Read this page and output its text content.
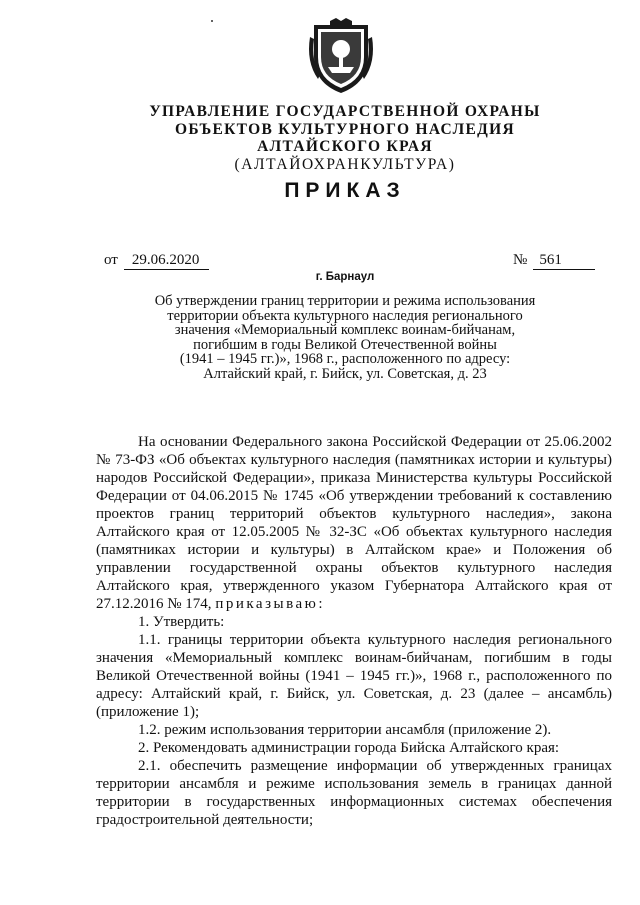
УПРАВЛЕНИЕ ГОСУДАРСТВЕННОЙ ОХРАНЫ
ОБЪЕКТОВ КУЛЬТУРНОГО НАСЛЕДИЯ
АЛТАЙСКОГО КРАЯ
(АЛТАЙОХРАНКУЛЬТУРА)
ПРИКАЗ
от 29.06.2020	№ 561
г. Барнаул
Об утверждении границ территории и режима использования
территории объекта культурного наследия регионального
значения «Мемориальный комплекс воинам-бийчанам,
погибшим в годы Великой Отечественной войны
(1941 – 1945 гг.)», 1968 г., расположенного по адресу:
Алтайский край, г. Бийск, ул. Советская, д. 23

На основании Федерального закона Российской Федерации от 25.06.2002 № 73-ФЗ «Об объектах культурного наследия (памятниках истории и культуры) народов Российской Федерации», приказа Министерства культуры Российской Федерации от 04.06.2015 № 1745 «Об утверждении требований к составлению проектов границ территорий объектов культурного наследия», закона Алтайского края от 12.05.2005 № 32-ЗС «Об объектах культурного наследия (памятниках истории и культуры) в Алтайском крае» и Положения об управлении государственной охраны объектов культурного наследия Алтайского края, утвержденного указом Губернатора Алтайского края от 27.12.2016 № 174, приказываю:

1. Утвердить:

1.1. границы территории объекта культурного наследия регионального значения «Мемориальный комплекс воинам-бийчанам, погибшим в годы Великой Отечественной войны (1941 – 1945 гг.)», 1968 г., расположенного по адресу: Алтайский край, г. Бийск, ул. Советская, д. 23 (далее – ансамбль) (приложение 1);

1.2. режим использования территории ансамбля (приложение 2).

2. Рекомендовать администрации города Бийска Алтайского края:

2.1. обеспечить размещение информации об утвержденных границах территории ансамбля и режиме использования земель в границах данной территории в государственных информационных системах обеспечения градостроительной деятельности;
